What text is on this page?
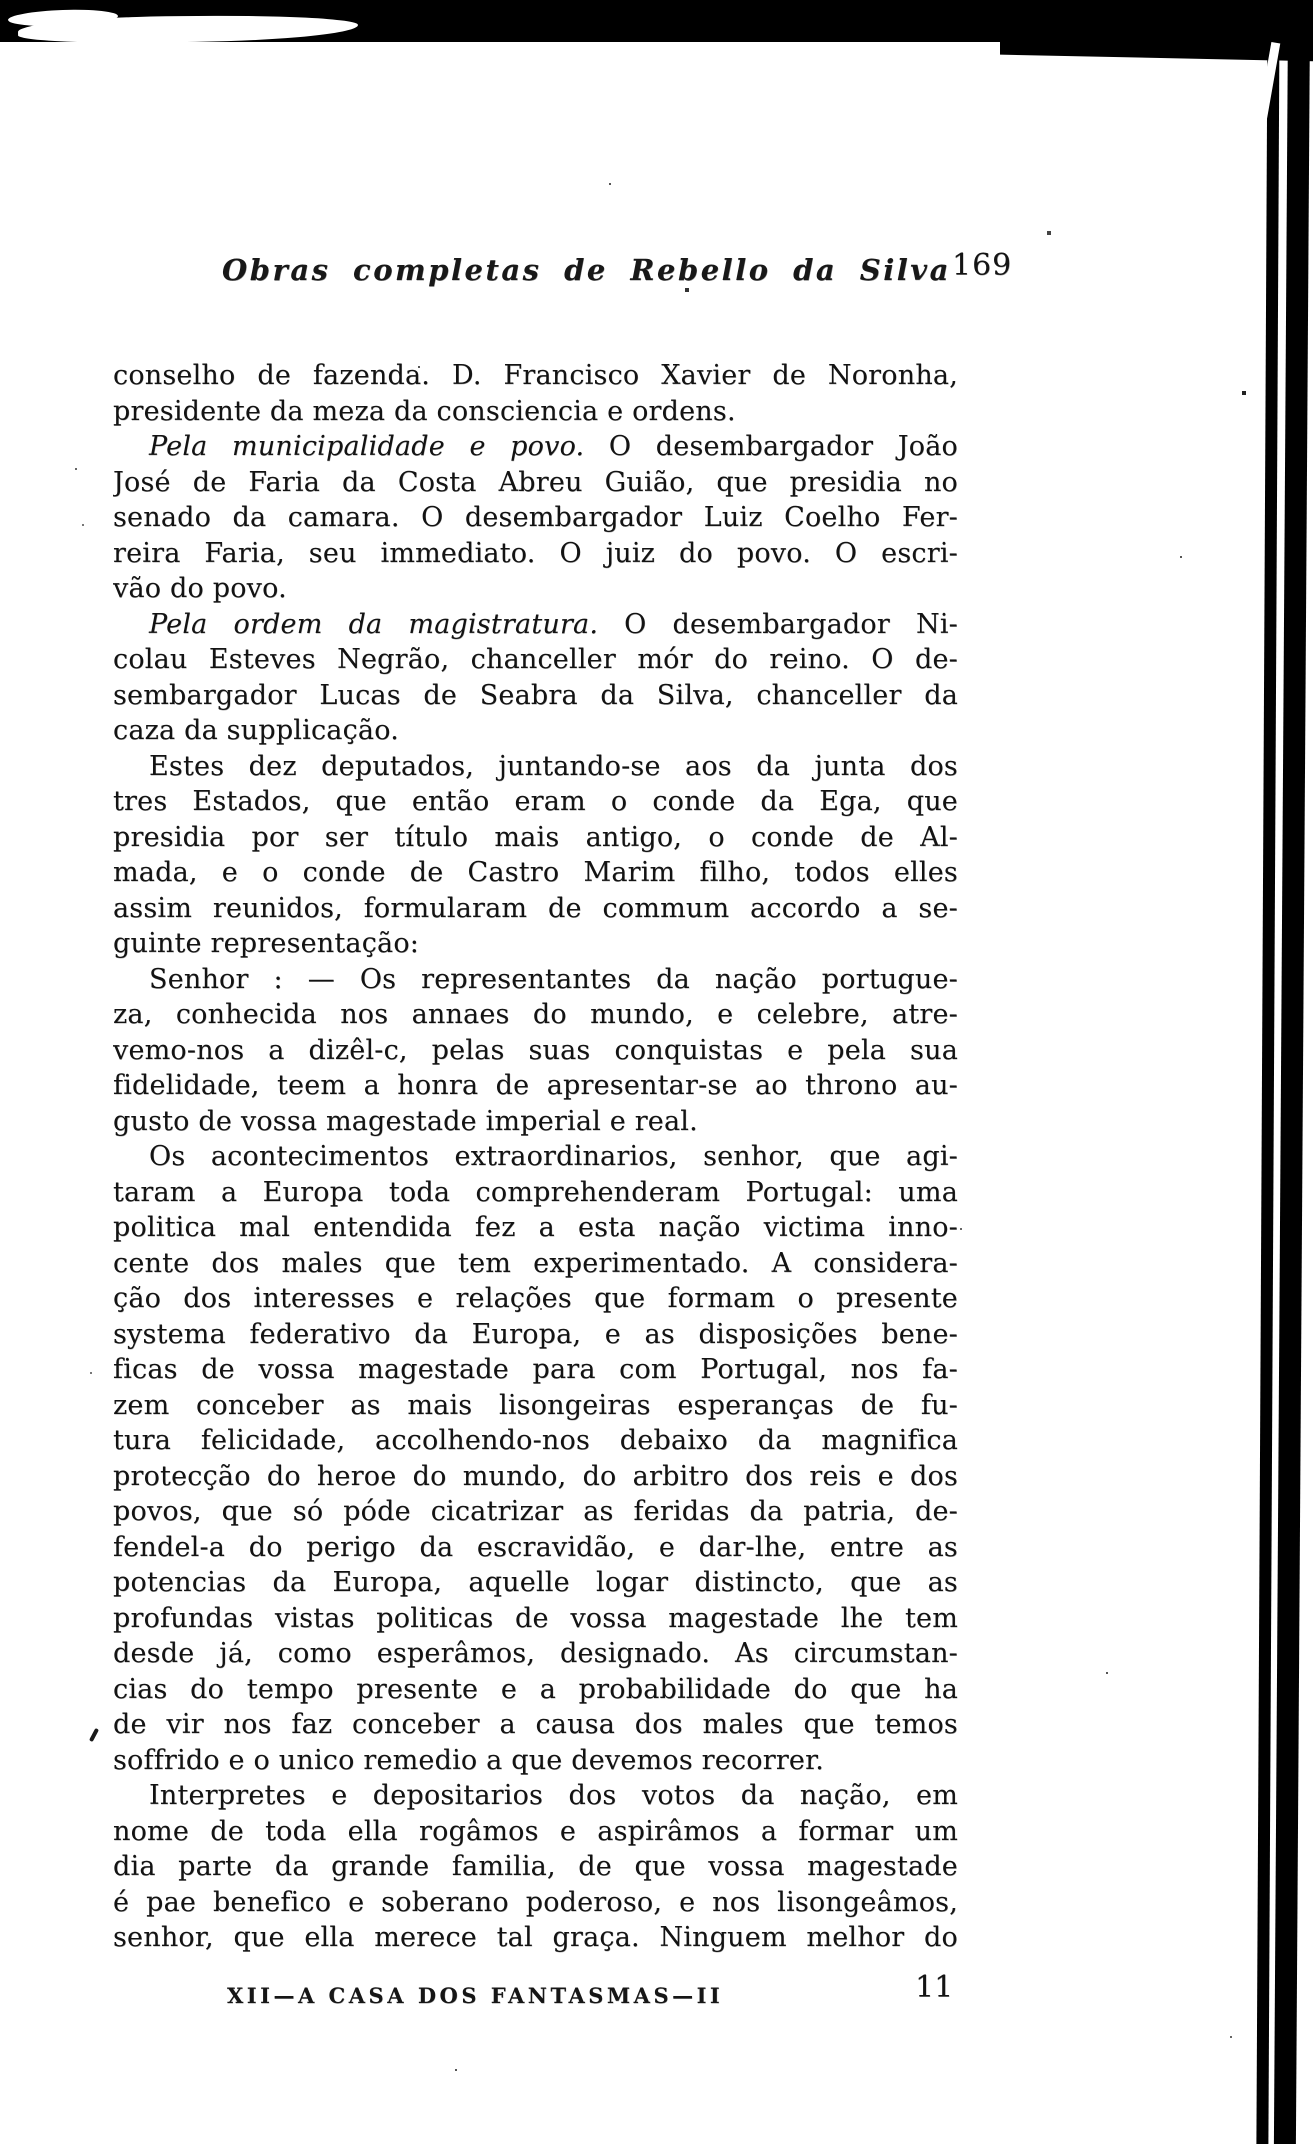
Obras completas de Rebello da Silva 169
conselho de fazenda. D. Francisco Xavier de Noronha,
presidente da meza da consciencia e ordens.
Pela municipalidade e povo. O desembargador João
José de Faria da Costa Abreu Guião, que presidia no
senado da camara. O desembargador Luiz Coelho Fer-
reira Faria, seu immediato. O juiz do povo. O escri-
vão do povo.
Pela ordem da magistratura. O desembargador Ni-
colau Esteves Negrão, chanceller mór do reino. O de-
sembargador Lucas de Seabra da Silva, chanceller da
caza da supplicação.
Estes dez deputados, juntando-se aos da junta dos
tres Estados, que então eram o conde da Ega, que
presidia por ser título mais antigo, o conde de Al-
mada, e o conde de Castro Marim filho, todos elles
assim reunidos, formularam de commum accordo a se-
guinte representação:
Senhor : — Os representantes da nação portugue-
za, conhecida nos annaes do mundo, e celebre, atre-
vemo-nos a dizêl-c, pelas suas conquistas e pela sua
fidelidade, teem a honra de apresentar-se ao throno au-
gusto de vossa magestade imperial e real.
Os acontecimentos extraordinarios, senhor, que agi-
taram a Europa toda comprehenderam Portugal: uma
politica mal entendida fez a esta nação victima inno-
cente dos males que tem experimentado. A considera-
ção dos interesses e relações que formam o presente
systema federativo da Europa, e as disposições bene-
ficas de vossa magestade para com Portugal, nos fa-
zem conceber as mais lisongeiras esperanças de fu-
tura felicidade, accolhendo-nos debaixo da magnifica
protecção do heroe do mundo, do arbitro dos reis e dos
povos, que só póde cicatrizar as feridas da patria, de-
fendel-a do perigo da escravidão, e dar-lhe, entre as
potencias da Europa, aquelle logar distincto, que as
profundas vistas politicas de vossa magestade lhe tem
desde já, como esperâmos, designado. As circumstan-
cias do tempo presente e a probabilidade do que ha
de vir nos faz conceber a causa dos males que temos
soffrido e o unico remedio a que devemos recorrer.
Interpretes e depositarios dos votos da nação, em
nome de toda ella rogâmos e aspirâmos a formar um
dia parte da grande familia, de que vossa magestade
é pae benefico e soberano poderoso, e nos lisongeâmos,
senhor, que ella merece tal graça. Ninguem melhor do
XII—A CASA DOS FANTASMAS—II	11
